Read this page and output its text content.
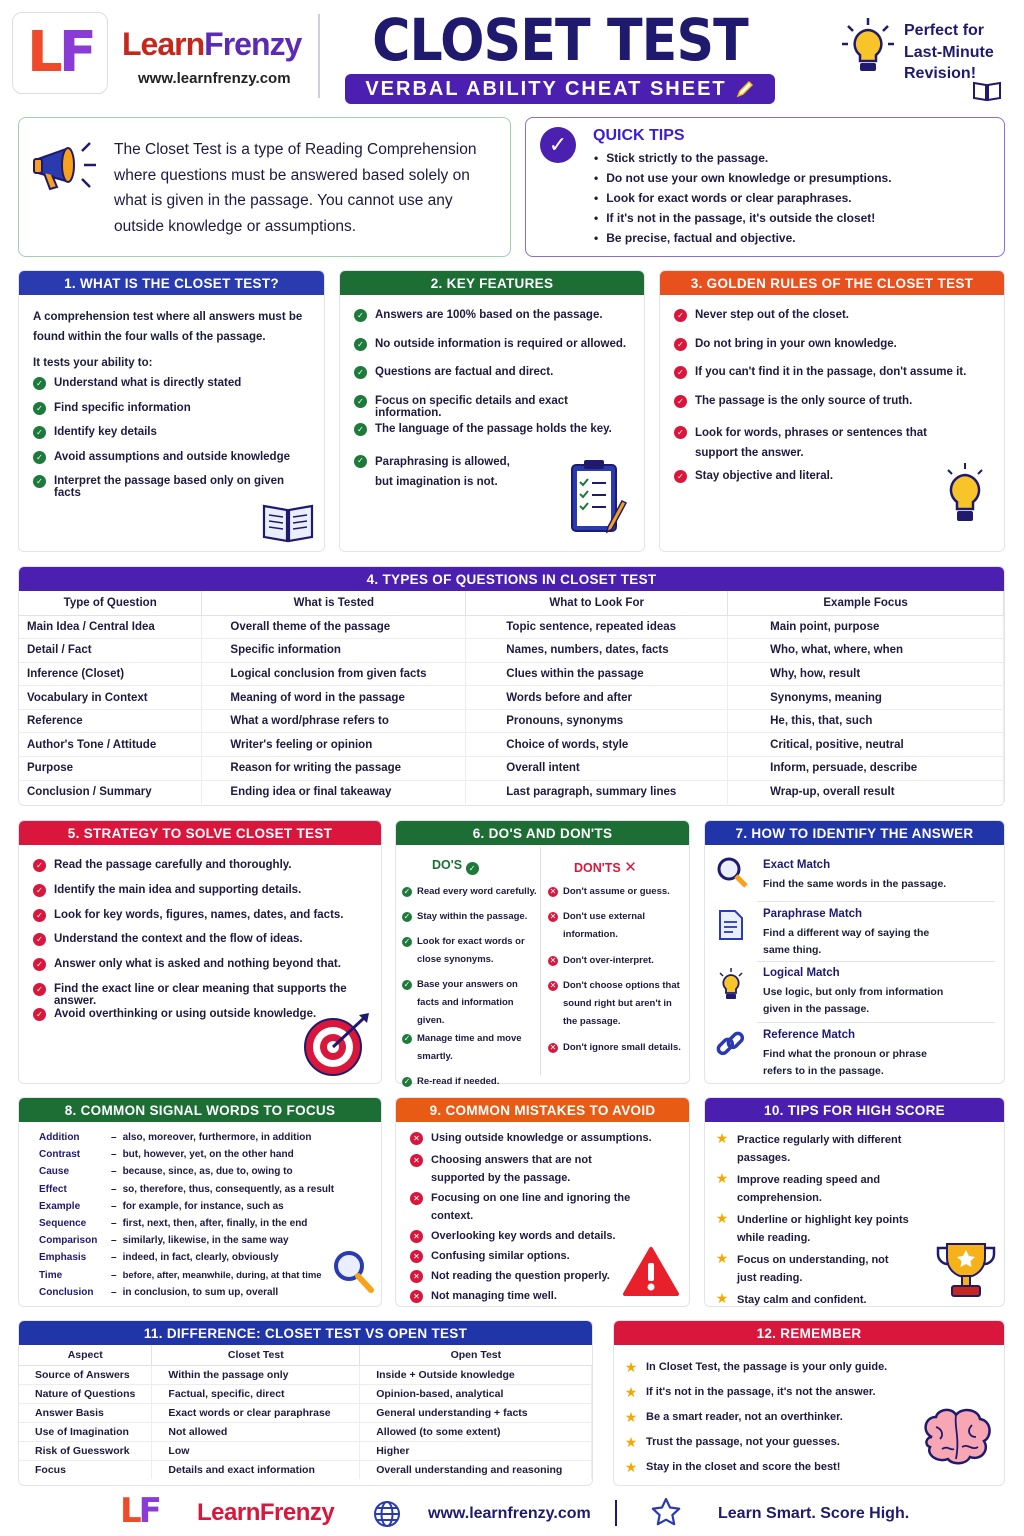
LF LearnFrenzy
www.learnfrenzy.com
CLOSET TEST
VERBAL ABILITY CHEAT SHEET
Perfect for Last-Minute Revision!
The Closet Test is a type of Reading Comprehension where questions must be answered based solely on what is given in the passage. You cannot use any outside knowledge or assumptions.
✓	QUICK TIPS
• Stick strictly to the passage.
• Do not use your own knowledge or presumptions.
• Look for exact words or clear paraphrases.
• If it's not in the passage, it's outside the closet!
• Be precise, factual and objective.
1. WHAT IS THE CLOSET TEST?
A comprehension test where all answers must be found within the four walls of the passage.
It tests your ability to:
✓ Understand what is directly stated
✓ Find specific information
✓ Identify key details
✓ Avoid assumptions and outside knowledge
✓ Interpret the passage based only on given facts
2. KEY FEATURES
✓ Answers are 100% based on the passage.
✓ No outside information is required or allowed.
✓ Questions are factual and direct.
✓ Focus on specific details and exact information.
✓ The language of the passage holds the key.
✓ Paraphrasing is allowed,
but imagination is not.
3. GOLDEN RULES OF THE CLOSET TEST
✓ Never step out of the closet.
✓ Do not bring in your own knowledge.
✓ If you can't find it in the passage, don't assume it.
✓ The passage is the only source of truth.
✓ Look for words, phrases or sentences that support the answer.
✓ Stay objective and literal.
4. TYPES OF QUESTIONS IN CLOSET TEST
Type of Question	What is Tested	What to Look For	Example Focus
Main Idea / Central Idea	Overall theme of the passage	Topic sentence, repeated ideas	Main point, purpose
Detail / Fact	Specific information	Names, numbers, dates, facts	Who, what, where, when
Inference (Closet)	Logical conclusion from given facts	Clues within the passage	Why, how, result
Vocabulary in Context	Meaning of word in the passage	Words before and after	Synonyms, meaning
Reference	What a word/phrase refers to	Pronouns, synonyms	He, this, that, such
Author's Tone / Attitude	Writer's feeling or opinion	Choice of words, style	Critical, positive, neutral
Purpose	Reason for writing the passage	Overall intent	Inform, persuade, describe
Conclusion / Summary	Ending idea or final takeaway	Last paragraph, summary lines	Wrap-up, overall result
5. STRATEGY TO SOLVE CLOSET TEST
✓ Read the passage carefully and thoroughly.
✓ Identify the main idea and supporting details.
✓ Look for key words, figures, names, dates, and facts.
✓ Understand the context and the flow of ideas.
✓ Answer only what is asked and nothing beyond that.
✓ Find the exact line or clear meaning that supports the answer.
✓ Avoid overthinking or using outside knowledge.
6. DO'S AND DON'TS
DO'S ✓	DON'TS ✕
✓ Read every word carefully.
✓ Stay within the passage.
✓ Look for exact words or close synonyms.
✓ Base your answers on facts and information given.
✓ Manage time and move smartly.
✓ Re-read if needed.
✕ Don't assume or guess.
✕ Don't use external information.
✕ Don't over-interpret.
✕ Don't choose options that sound right but aren't in the passage.
✕ Don't ignore small details.
7. HOW TO IDENTIFY THE ANSWER
Exact Match
Find the same words in the passage.
Paraphrase Match
Find a different way of saying the same thing.
Logical Match
Use logic, but only from information given in the passage.
Reference Match
Find what the pronoun or phrase refers to in the passage.
8. COMMON SIGNAL WORDS TO FOCUS
Addition	–	also, moreover, furthermore, in addition
Contrast	–	but, however, yet, on the other hand
Cause	–	because, since, as, due to, owing to
Effect	–	so, therefore, thus, consequently, as a result
Example	–	for example, for instance, such as
Sequence	–	first, next, then, after, finally, in the end
Comparison	–	similarly, likewise, in the same way
Emphasis	–	indeed, in fact, clearly, obviously
Time	–	before, after, meanwhile, during, at that time
Conclusion	–	in conclusion, to sum up, overall
9. COMMON MISTAKES TO AVOID
✕ Using outside knowledge or assumptions.
✕ Choosing answers that are not supported by the passage.
✕ Focusing on one line and ignoring the context.
✕ Overlooking key words and details.
✕ Confusing similar options.
✕ Not reading the question properly.
✕ Not managing time well.
10. TIPS FOR HIGH SCORE
★ Practice regularly with different passages.
★ Improve reading speed and comprehension.
★ Underline or highlight key points while reading.
★ Focus on understanding, not just reading.
★ Stay calm and confident.
11. DIFFERENCE: CLOSET TEST VS OPEN TEST
Aspect	Closet Test	Open Test
Source of Answers	Within the passage only	Inside + Outside knowledge
Nature of Questions	Factual, specific, direct	Opinion-based, analytical
Answer Basis	Exact words or clear paraphrase	General understanding + facts
Use of Imagination	Not allowed	Allowed (to some extent)
Risk of Guesswork	Low	Higher
Focus	Details and exact information	Overall understanding and reasoning
12. REMEMBER
★ In Closet Test, the passage is your only guide.
★ If it's not in the passage, it's not the answer.
★ Be a smart reader, not an overthinker.
★ Trust the passage, not your guesses.
★ Stay in the closet and score the best!
LF LearnFrenzy	www.learnfrenzy.com	Learn Smart. Score High.
